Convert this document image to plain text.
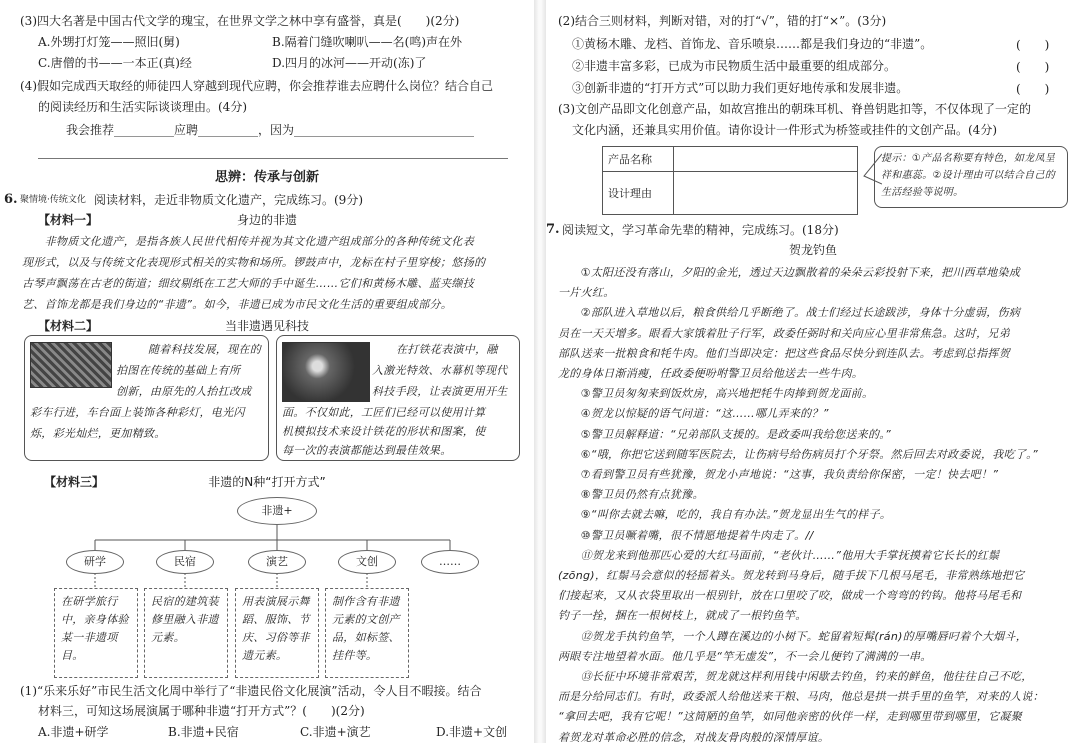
(3)四大名著是中国古代文学的瑰宝，在世界文学之林中享有盛誉，真是(　　)(2分)
A.外甥打灯笼——照旧(舅)	B.隔着门缝吹喇叭——名(鸣)声在外
C.唐僧的书——一本正(真)经	D.四月的冰河——开动(冻)了
(4)假如完成西天取经的师徒四人穿越到现代应聘，你会推荐谁去应聘什么岗位？结合自己
的阅读经历和生活实际谈谈理由。(4分)
我会推荐__________应聘__________，因为______________________________
思辨：传承与创新
6. 聚情境·传统文化 阅读材料，走近非物质文化遗产，完成练习。(9分)
【材料一】	身边的非遗
　　非物质文化遗产，是指各族人民世代相传并视为其文化遗产组成部分的各种传统文化表
现形式，以及与传统文化表现形式相关的实物和场所。锣鼓声中，龙标在村子里穿梭；悠扬的
古琴声飘荡在古老的街道；细纹剔纸在工艺大师的手中诞生……它们和黄杨木雕、蓝夹缬技
艺、首饰龙都是我们身边的“非遗”。如今，非遗已成为市民文化生活的重要组成部分。
【材料二】	当非遗遇见科技
随着科技发展，现在的
拍图在传统的基础上有所
创新，由原先的人抬扛改成
彩车行进，车台面上装饰各种彩灯，电光闪
烁，彩光灿烂，更加精致。
在打铁花表演中，融
入激光特效、水幕机等现代
科技手段，让表演更用开生
面。不仅如此，工匠们已经可以使用计算
机模拟技术来设计铁花的形状和图案，使
每一次的表演都能达到最佳效果。
【材料三】	非遗的N种“打开方式”
非遗+
研学	民宿	演艺	文创	……
在研学旅行中，亲身体验某一非遗项目。
民宿的建筑装修里融入非遗元素。
用表演展示舞蹈、服饰、节庆、习俗等非遗元素。
制作含有非遗元素的文创产品，如标签、挂件等。
(1)“乐来乐好”市民生活文化周中举行了“非遗民俗文化展演”活动，令人目不暇接。结合
材料三，可知这场展演属于哪种非遗“打开方式”？(　　)(2分)
A.非遗+研学	B.非遗+民宿	C.非遗+演艺	D.非遗+文创
(2)结合三则材料，判断对错，对的打“√”，错的打“×”。(3分)
①黄杨木雕、龙档、首饰龙、音乐喷泉……都是我们身边的“非遗”。	(　　)
②非遗丰富多彩，已成为市民物质生活中最重要的组成部分。	(　　)
③创新非遗的“打开方式”可以助力我们更好地传承和发展非遗。	(　　)
(3)文创产品即文化创意产品，如故宫推出的朝珠耳机、脊兽钥匙扣等，不仅体现了一定的
文化内涵，还兼具实用价值。请你设计一件形式为桥签或挂件的文创产品。(4分)
产品名称	
设计理由	
提示：①产品名称要有特色，如龙凤呈祥和惠蕊。②设计理由可以结合自己的生活经验等说明。
7. 阅读短文，学习革命先辈的精神，完成练习。(18分)
贺龙钓鱼
　　①太阳还没有落山，夕阳的金光，透过天边飘散着的朵朵云彩投射下来，把川西草地染成
一片火红。
　　②部队进入草地以后，粮食供给几乎断绝了。战士们经过长途跋涉，身体十分虚弱，伤病
员在一天天增多。眼看大家饿着肚子行军，政委任弼时和关向应心里非常焦急。这时，兄弟
部队送来一批粮食和牦牛肉。他们当即决定：把这些食品尽快分到连队去。考虑到总指挥贺
龙的身体日渐消瘦，任政委便吩咐警卫员给他送去一些牛肉。
　　③警卫员匆匆来到饭炊房，高兴地把牦牛肉捧到贺龙面前。
　　④贺龙以惊疑的语气问道：“这……哪儿弄来的？”
　　⑤警卫员解释道：“兄弟部队支援的。是政委叫我给您送来的。”
　　⑥“哦，你把它送到随军医院去，让伤病号给伤病员打个牙祭。然后回去对政委说，我吃了。”
　　⑦看到警卫员有些犹豫，贺龙小声地说：“这事，我负责给你保密，一定！快去吧！”
　　⑧警卫员仍然有点犹豫。
　　⑨“叫你去就去嘛，吃的，我自有办法。”贺龙显出生气的样子。
　　⑩警卫员噘着嘴，很不情愿地提着牛肉走了。//
　　⑪贺龙来到他那匹心爱的大红马面前，“老伙计……”他用大手掌抚摸着它长长的红鬃
(zōng)，红鬃马会意似的轻摇着头。贺龙转到马身后，随手拔下几根马尾毛，非常熟练地把它
们接起来，又从衣袋里取出一根别针，放在口里咬了咬，做成一个弯弯的钓钩。他将马尾毛和
钓子一拴，捆在一根树枝上，就成了一根钓鱼竿。
　　⑫贺龙手执钓鱼竿，一个人蹲在溪边的小树下。蛇留着短髯(rán)的厚嘴唇叼着个大烟斗，
两眼专注地望着水面。他几乎是“竿无虚发”，不一会儿便钓了满满的一串。
　　⑬长征中环境非常艰苦，贺龙就这样利用钱中闲歇去钓鱼，钓来的鲜鱼，他往往自己不吃，
而是分给同志们。有时，政委派人给他送来干粮、马肉，他总是拱一拱手里的鱼竿，对来的人说：
“拿回去吧，我有它呢！”这简陋的鱼竿，如同他亲密的伙伴一样，走到哪里带到哪里，它凝聚
着贺龙对革命必胜的信念，对战友骨肉般的深情厚谊。
